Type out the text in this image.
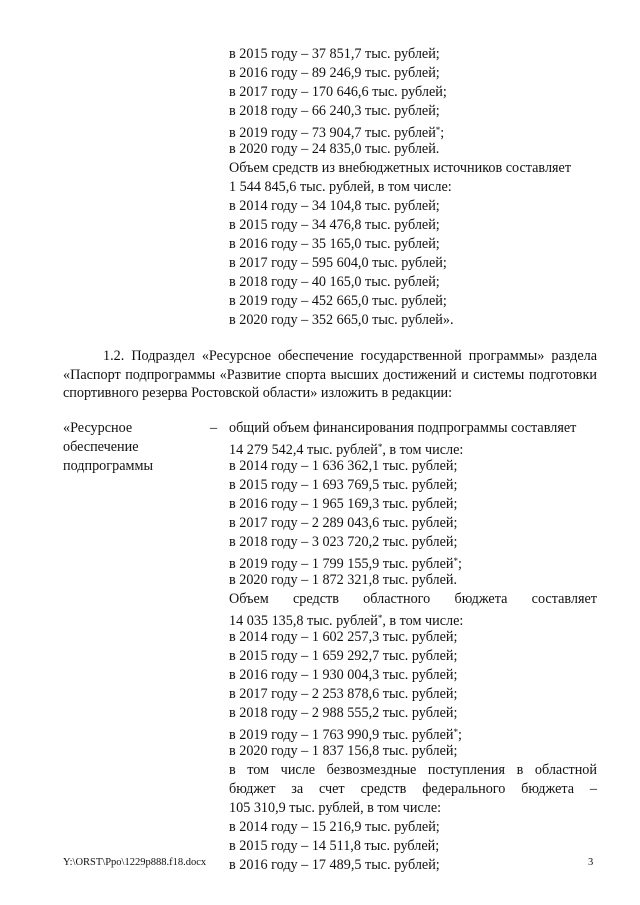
в 2015 году – 37 851,7 тыс. рублей;
в 2016 году – 89 246,9 тыс. рублей;
в 2017 году – 170 646,6 тыс. рублей;
в 2018 году – 66 240,3 тыс. рублей;
в 2019 году – 73 904,7 тыс. рублей*;
в 2020 году – 24 835,0 тыс. рублей.
Объем средств из внебюджетных источников составляет
1 544 845,6 тыс. рублей, в том числе:
в 2014 году – 34 104,8 тыс. рублей;
в 2015 году – 34 476,8 тыс. рублей;
в 2016 году – 35 165,0 тыс. рублей;
в 2017 году – 595 604,0 тыс. рублей;
в 2018 году – 40 165,0 тыс. рублей;
в 2019 году – 452 665,0 тыс. рублей;
в 2020 году – 352 665,0 тыс. рублей».
1.2. Подраздел «Ресурсное обеспечение государственной программы» раздела «Паспорт подпрограммы «Развитие спорта высших достижений и системы подготовки спортивного резерва Ростовской области» изложить в редакции:
«Ресурсное
обеспечение
подпрограммы
– общий объем финансирования подпрограммы составляет
14 279 542,4 тыс. рублей*, в том числе:
в 2014 году – 1 636 362,1 тыс. рублей;
в 2015 году – 1 693 769,5 тыс. рублей;
в 2016 году – 1 965 169,3 тыс. рублей;
в 2017 году – 2 289 043,6 тыс. рублей;
в 2018 году – 3 023 720,2 тыс. рублей;
в 2019 году – 1 799 155,9 тыс. рублей*;
в 2020 году – 1 872 321,8 тыс. рублей.
Объем средств областного бюджета составляет
14 035 135,8 тыс. рублей*, в том числе:
в 2014 году – 1 602 257,3 тыс. рублей;
в 2015 году – 1 659 292,7 тыс. рублей;
в 2016 году – 1 930 004,3 тыс. рублей;
в 2017 году – 2 253 878,6 тыс. рублей;
в 2018 году – 2 988 555,2 тыс. рублей;
в 2019 году – 1 763 990,9 тыс. рублей*;
в 2020 году – 1 837 156,8 тыс. рублей;
в том числе безвозмездные поступления в областной
бюджет за счет средств федерального бюджета –
105 310,9 тыс. рублей, в том числе:
в 2014 году – 15 216,9 тыс. рублей;
в 2015 году – 14 511,8 тыс. рублей;
в 2016 году – 17 489,5 тыс. рублей;
Y:\ORST\Ppo\1229p888.f18.docx	3
